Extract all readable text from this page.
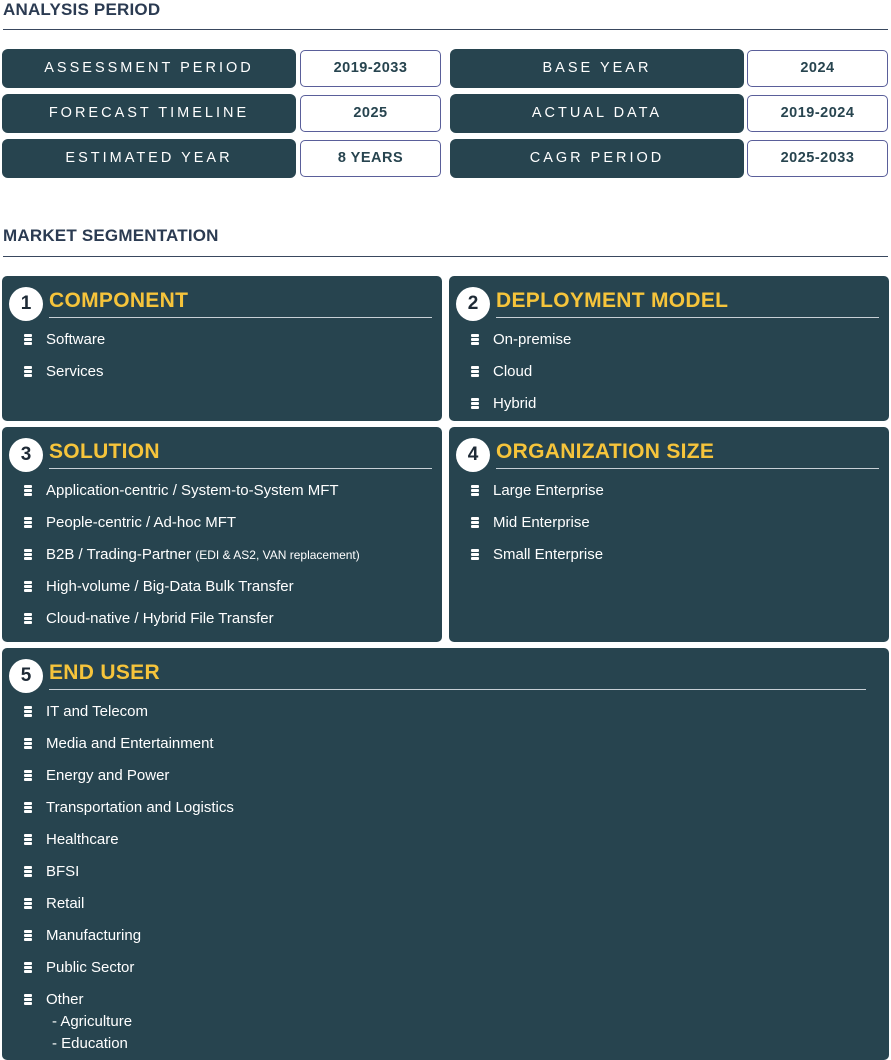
ANALYSIS PERIOD
ASSESSMENT PERIOD	2019-2033	BASE YEAR	2024
FORECAST TIMELINE	2025	ACTUAL DATA	2019-2024
ESTIMATED YEAR	8 YEARS	CAGR PERIOD	2025-2033
MARKET SEGMENTATION
1 COMPONENT
Software
Services
2 DEPLOYMENT MODEL
On-premise
Cloud
Hybrid
3 SOLUTION
Application-centric / System-to-System MFT
People-centric / Ad-hoc MFT
B2B / Trading-Partner (EDI & AS2, VAN replacement)
High-volume / Big-Data Bulk Transfer
Cloud-native / Hybrid File Transfer
4 ORGANIZATION SIZE
Large Enterprise
Mid Enterprise
Small Enterprise
5 END USER
IT and Telecom
Media and Entertainment
Energy and Power
Transportation and Logistics
Healthcare
BFSI
Retail
Manufacturing
Public Sector
Other
- Agriculture
- Education
